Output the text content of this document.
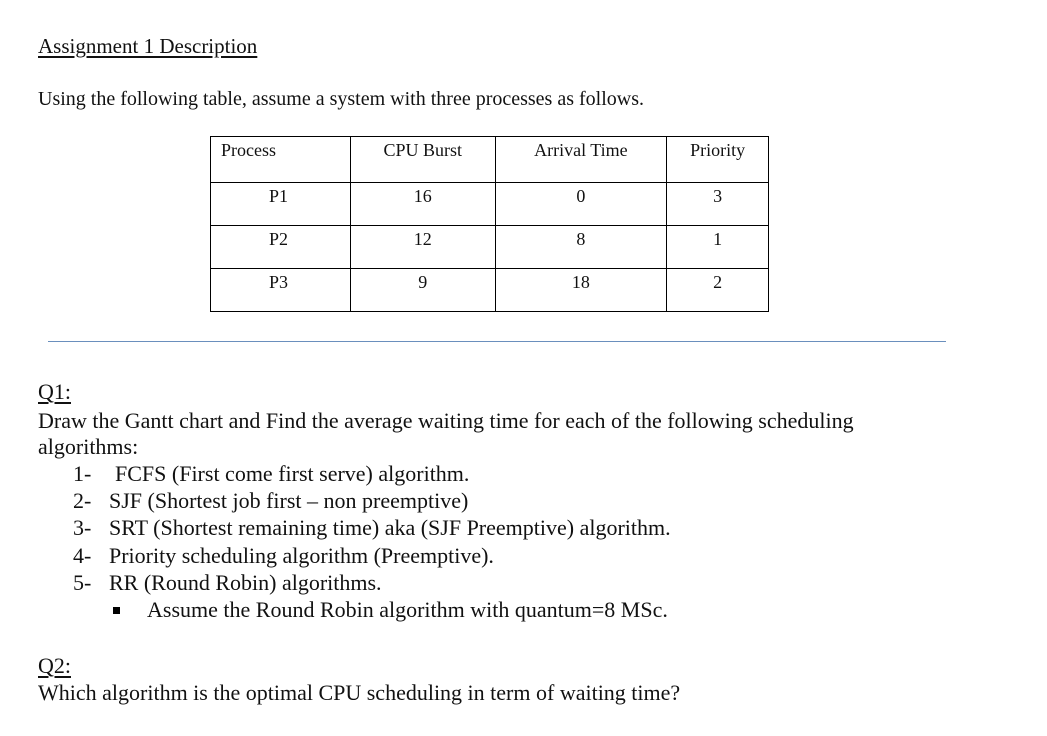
Assignment 1 Description
Using the following table, assume a system with three processes as follows.
Process	CPU Burst	Arrival Time	Priority
P1	16	0	3
P2	12	8	1
P3	9	18	2
Q1:
Draw the Gantt chart and Find the average waiting time for each of the following scheduling
algorithms:
1- FCFS (First come first serve) algorithm.
2- SJF (Shortest job first – non preemptive)
3- SRT (Shortest remaining time) aka (SJF Preemptive) algorithm.
4- Priority scheduling algorithm (Preemptive).
5- RR (Round Robin) algorithms.
Assume the Round Robin algorithm with quantum=8 MSc.
Q2:
Which algorithm is the optimal CPU scheduling in term of waiting time?
